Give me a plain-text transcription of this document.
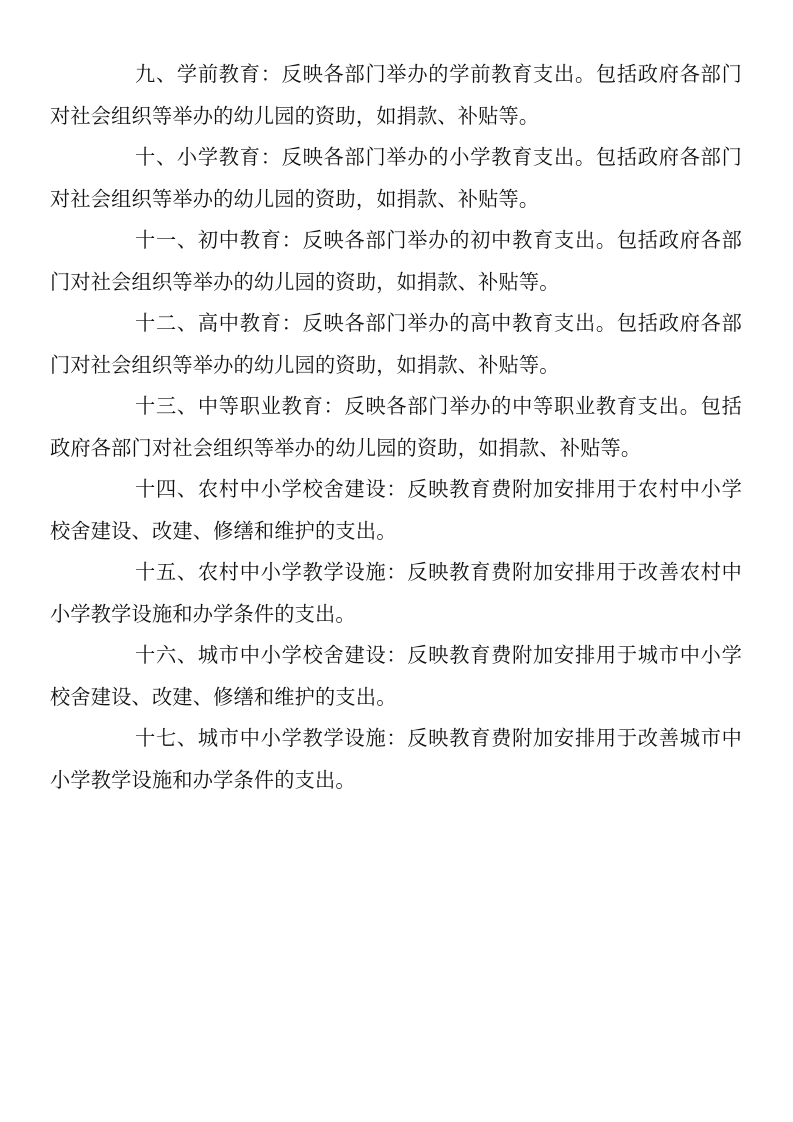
九、学前教育：反映各部门举办的学前教育支出。包括政府各部门对社会组织等举办的幼儿园的资助，如捐款、补贴等。

十、小学教育：反映各部门举办的小学教育支出。包括政府各部门对社会组织等举办的幼儿园的资助，如捐款、补贴等。

十一、初中教育：反映各部门举办的初中教育支出。包括政府各部门对社会组织等举办的幼儿园的资助，如捐款、补贴等。

十二、高中教育：反映各部门举办的高中教育支出。包括政府各部门对社会组织等举办的幼儿园的资助，如捐款、补贴等。

十三、中等职业教育：反映各部门举办的中等职业教育支出。包括政府各部门对社会组织等举办的幼儿园的资助，如捐款、补贴等。

十四、农村中小学校舍建设：反映教育费附加安排用于农村中小学校舍建设、改建、修缮和维护的支出。

十五、农村中小学教学设施：反映教育费附加安排用于改善农村中小学教学设施和办学条件的支出。

十六、城市中小学校舍建设：反映教育费附加安排用于城市中小学校舍建设、改建、修缮和维护的支出。

十七、城市中小学教学设施：反映教育费附加安排用于改善城市中小学教学设施和办学条件的支出。
